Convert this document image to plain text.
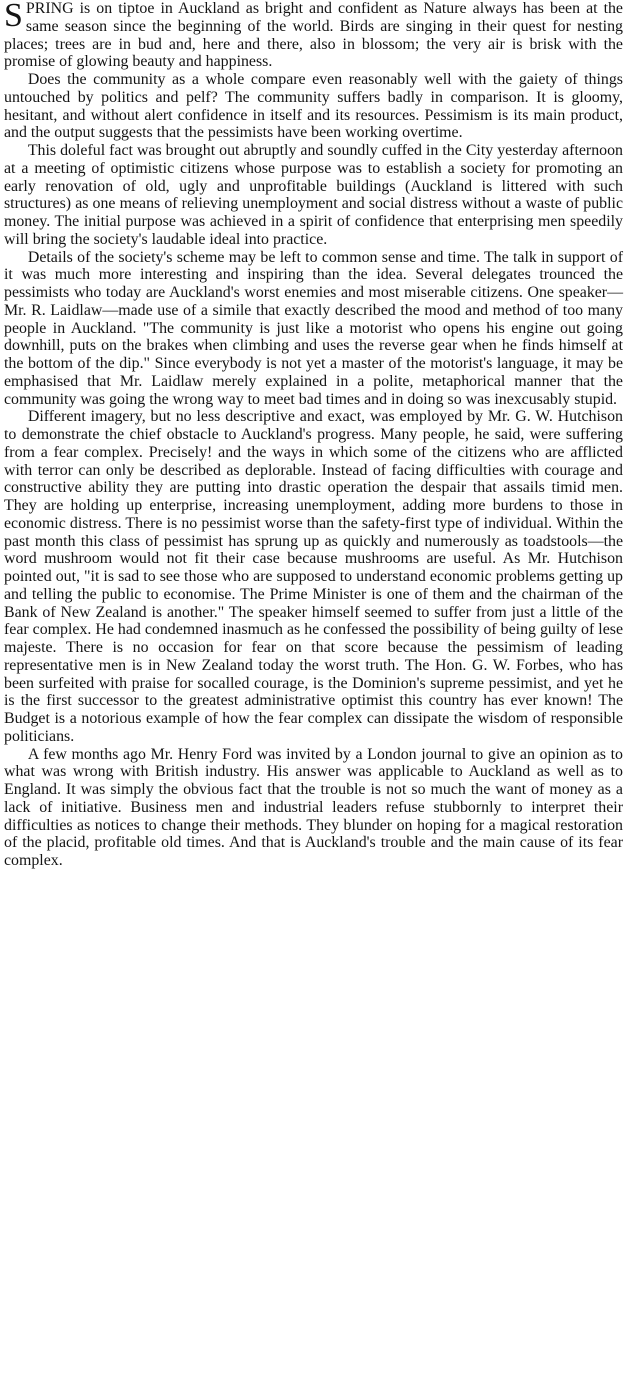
SPRING is on tiptoe in Auckland as bright and confident as Nature always has been at the same season since the beginning of the world. Birds are singing in their quest for nesting places; trees are in bud and, here and there, also in blossom; the very air is brisk with the promise of glowing beauty and happiness.

Does the community as a whole compare even reasonably well with the gaiety of things untouched by politics and pelf? The community suffers badly in comparison. It is gloomy, hesitant, and without alert confidence in itself and its resources. Pessimism is its main product, and the output suggests that the pessimists have been working overtime.

This doleful fact was brought out abruptly and soundly cuffed in the City yesterday afternoon at a meeting of optimistic citizens whose purpose was to establish a society for promoting an early renovation of old, ugly and unprofitable buildings (Auckland is littered with such structures) as one means of relieving unemployment and social distress without a waste of public money. The initial purpose was achieved in a spirit of confidence that enterprising men speedily will bring the society's laudable ideal into practice.

Details of the society's scheme may be left to common sense and time. The talk in support of it was much more interesting and inspiring than the idea. Several delegates trounced the pessimists who today are Auckland's worst enemies and most miserable citizens. One speaker—Mr. R. Laidlaw—made use of a simile that exactly described the mood and method of too many people in Auckland. "The community is just like a motorist who opens his engine out going downhill, puts on the brakes when climbing and uses the reverse gear when he finds himself at the bottom of the dip." Since everybody is not yet a master of the motorist's language, it may be emphasised that Mr. Laidlaw merely explained in a polite, metaphorical manner that the community was going the wrong way to meet bad times and in doing so was inexcusably stupid.

Different imagery, but no less descriptive and exact, was employed by Mr. G. W. Hutchison to demonstrate the chief obstacle to Auckland's progress. Many people, he said, were suffering from a fear complex. Precisely! and the ways in which some of the citizens who are afflicted with terror can only be described as deplorable. Instead of facing difficulties with courage and constructive ability they are putting into drastic operation the despair that assails timid men. They are holding up enterprise, increasing unemployment, adding more burdens to those in economic distress. There is no pessimist worse than the safety-first type of individual. Within the past month this class of pessimist has sprung up as quickly and numerously as toadstools—the word mushroom would not fit their case because mushrooms are useful. As Mr. Hutchison pointed out, "it is sad to see those who are supposed to understand economic problems getting up and telling the public to economise. The Prime Minister is one of them and the chairman of the Bank of New Zealand is another." The speaker himself seemed to suffer from just a little of the fear complex. He had condemned inasmuch as he confessed the possibility of being guilty of lese majeste. There is no occasion for fear on that score because the pessimism of leading representative men is in New Zealand today the worst truth. The Hon. G. W. Forbes, who has been surfeited with praise for socalled courage, is the Dominion's supreme pessimist, and yet he is the first successor to the greatest administrative optimist this country has ever known! The Budget is a notorious example of how the fear complex can dissipate the wisdom of responsible politicians.

A few months ago Mr. Henry Ford was invited by a London journal to give an opinion as to what was wrong with British industry. His answer was applicable to Auckland as well as to England. It was simply the obvious fact that the trouble is not so much the want of money as a lack of initiative. Business men and industrial leaders refuse stubbornly to interpret their difficulties as notices to change their methods. They blunder on hoping for a magical restoration of the placid, profitable old times. And that is Auckland's trouble and the main cause of its fear complex.
